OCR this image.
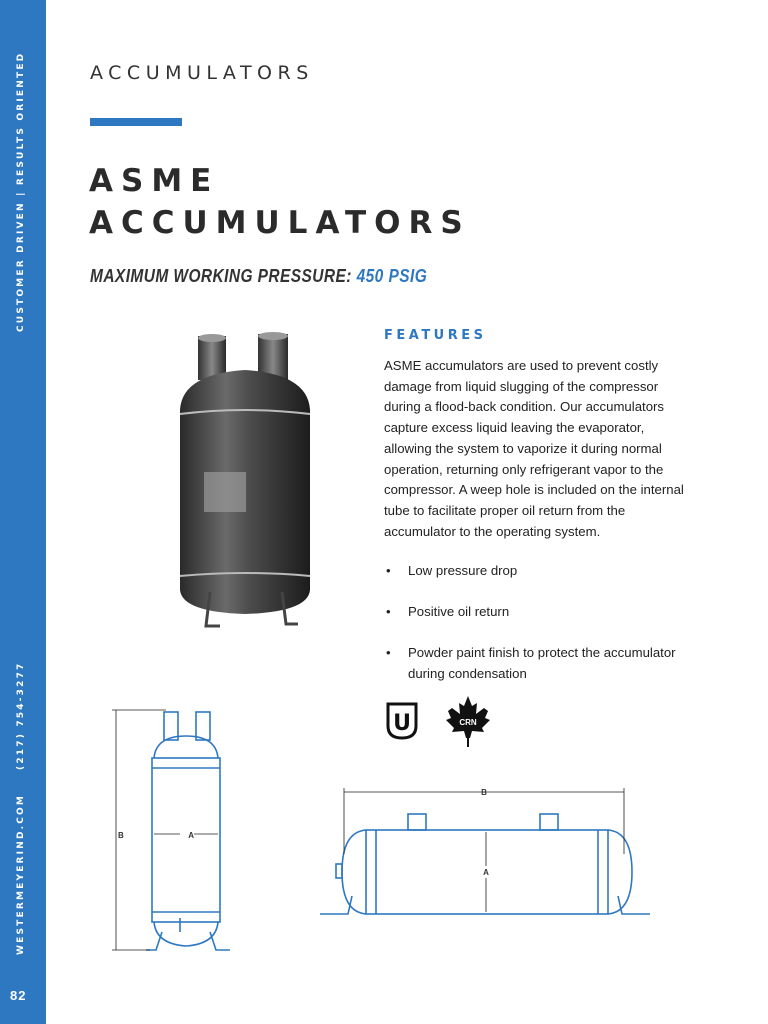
CUSTOMER DRIVEN | RESULTS ORIENTED
(217) 754-3277
WESTERMEYERIND.COM
82
ACCUMULATORS
ASME
ACCUMULATORS
MAXIMUM WORKING PRESSURE: 450 PSIG
FEATURES
ASME accumulators are used to prevent costly damage from liquid slugging of the compressor during a flood-back condition. Our accumulators capture excess liquid leaving the evaporator, allowing the system to vaporize it during normal operation, returning only refrigerant vapor to the compressor. A weep hole is included on the internal tube to facilitate proper oil return from the accumulator to the operating system.
• Low pressure drop
• Positive oil return
• Powder paint finish to protect the accumulator during condensation
U	CRN
B	A
B
A
